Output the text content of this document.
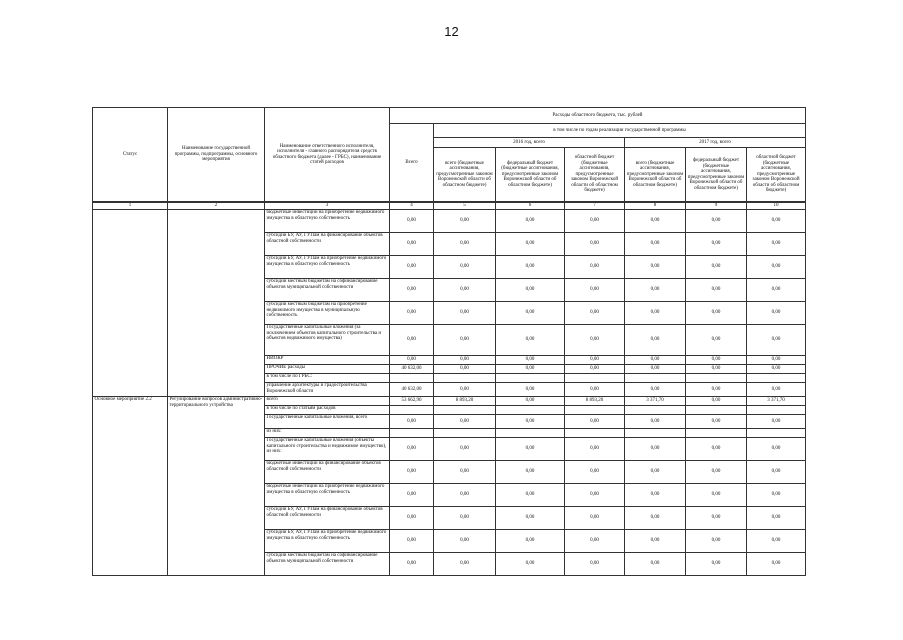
12
Статус	Наименование государственной программы, подпрограммы, основного мероприятия	Наименование ответственного исполнителя, исполнителя - главного распорядителя средств областного бюджета (далее - ГРБС), наименование статей расходов	Расходы областного бюджета, тыс. рублей						
			Всего	в том числе по годам реализации государственной программы					
				2016 год, всего			2017 год, всего		
				всего (бюджетные ассигнования, предусмотренные законом Воронежской области об областном бюджете)	федеральный бюджет (бюджетные ассигнования, предусмотренные законом Воронежской области об областном бюджете)	областной бюджет (бюджетные ассигнования, предусмотренные законом Воронежской области об областном бюджете)	всего (бюджетные ассигнования, предусмотренные законом Воронежской области об областном бюджете)	федеральный бюджет (бюджетные ассигнования, предусмотренные законом Воронежской области об областном бюджете)	областной бюджет (бюджетные ассигнования, предусмотренные законом Воронежской области об областном бюджете)

1	2	3	4	5	6	7	8	9	10
		бюджетные инвестиции на приобретение недвижимого имущества в областную собственность	0,00	0,00	0,00	0,00	0,00	0,00	0,00
		субсидии БУ, АУ, ГУПам на финансирование объектов областной собственности	0,00	0,00	0,00	0,00	0,00	0,00	0,00
		субсидии БУ, АУ, ГУПам на приобретение недвижимого имущества в областную собственность	0,00	0,00	0,00	0,00	0,00	0,00	0,00
		субсидии местным бюджетам на софинансирование объектов муниципальной собственности	0,00	0,00	0,00	0,00	0,00	0,00	0,00
		субсидии местным бюджетам на приобретение недвижимого имущества в муниципальную собственность	0,00	0,00	0,00	0,00	0,00	0,00	0,00
		Государственные капитальные вложения (за исключением объектов капитального строительства и объектов недвижимого имущества)	0,00	0,00	0,00	0,00	0,00	0,00	0,00
		НИОКР	0,00	0,00	0,00	0,00	0,00	0,00	0,00
		ПРОЧИЕ расходы	40 632,00	0,00	0,00	0,00	0,00	0,00	0,00
		в том числе по ГРБС:							
		управление архитектуры и градостроительства Воронежской области	40 632,00	0,00	0,00	0,00	0,00	0,00	0,00
Основное мероприятие 2.2	Регулирование вопросов административно-территориального устройства	всего	53 662,90	8 893,20	0,00	8 893,20	3 371,70	0,00	3 371,70
		в том числе по статьям расходов							
		Государственные капитальные вложения, всего	0,00	0,00	0,00	0,00	0,00	0,00	0,00
		из них:							
		Государственные капитальные вложения (объекты капитального строительства и недвижимое имущество), из них:	0,00	0,00	0,00	0,00	0,00	0,00	0,00
		бюджетные инвестиции на финансирование объектов областной собственности	0,00	0,00	0,00	0,00	0,00	0,00	0,00
		бюджетные инвестиции на приобретение недвижимого имущества в областную собственность	0,00	0,00	0,00	0,00	0,00	0,00	0,00
		субсидии БУ, АУ, ГУПам на финансирование объектов областной собственности	0,00	0,00	0,00	0,00	0,00	0,00	0,00
		субсидии БУ, АУ, ГУПам на приобретение недвижимого имущества в областную собственность	0,00	0,00	0,00	0,00	0,00	0,00	0,00
		субсидии местным бюджетам на софинансирование объектов муниципальной собственности	0,00	0,00	0,00	0,00	0,00	0,00	0,00
